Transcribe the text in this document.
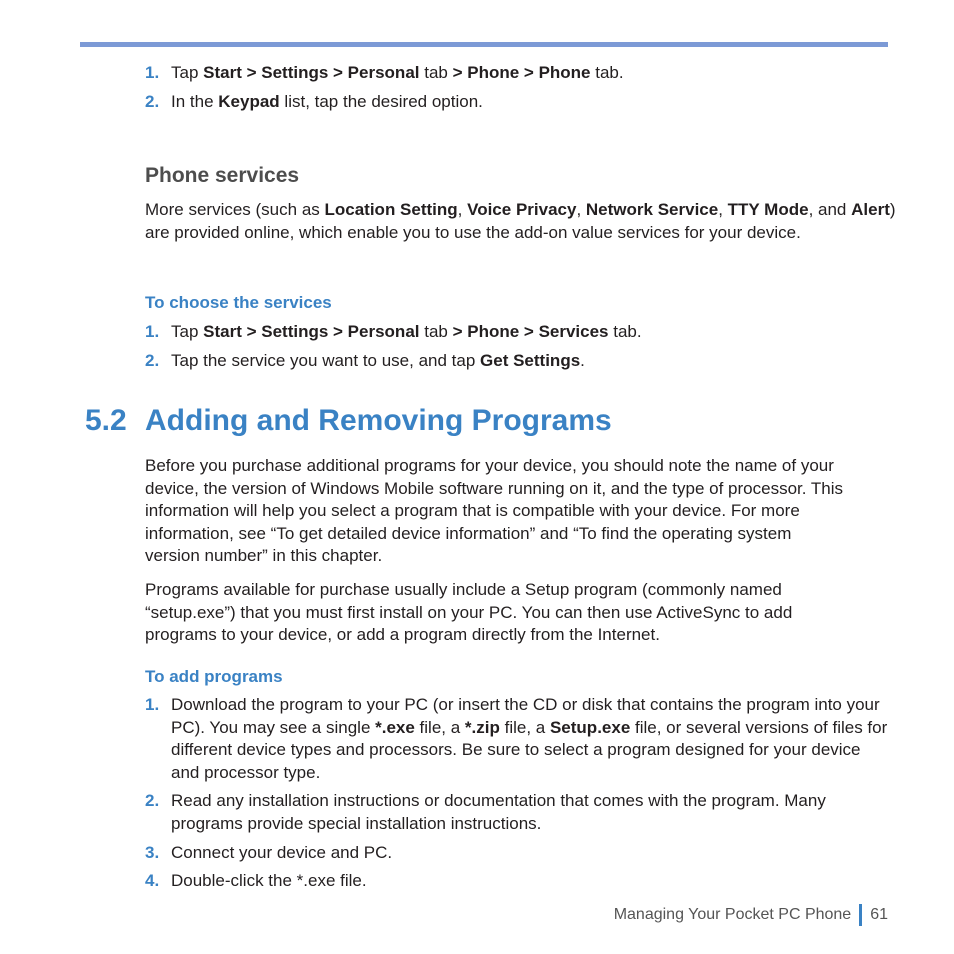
1. Tap Start > Settings > Personal tab > Phone > Phone tab.
2. In the Keypad list, tap the desired option.
Phone services

More services (such as Location Setting, Voice Privacy, Network Service, TTY Mode, and Alert) are provided online, which enable you to use the add-on value services for your device.

To choose the services
1. Tap Start > Settings > Personal tab > Phone > Services tab.
2. Tap the service you want to use, and tap Get Settings.
5.2 Adding and Removing Programs

Before you purchase additional programs for your device, you should note the name of your device, the version of Windows Mobile software running on it, and the type of processor. This information will help you select a program that is compatible with your device. For more information, see “To get detailed device information” and “To find the operating system version number” in this chapter.

Programs available for purchase usually include a Setup program (commonly named “setup.exe”) that you must first install on your PC. You can then use ActiveSync to add programs to your device, or add a program directly from the Internet.

To add programs
1. Download the program to your PC (or insert the CD or disk that contains the program into your PC). You may see a single *.exe file, a *.zip file, a Setup.exe file, or several versions of files for different device types and processors. Be sure to select a program designed for your device and processor type.
2. Read any installation instructions or documentation that comes with the program. Many programs provide special installation instructions.
3. Connect your device and PC.
4. Double-click the *.exe file.
Managing Your Pocket PC Phone 61
